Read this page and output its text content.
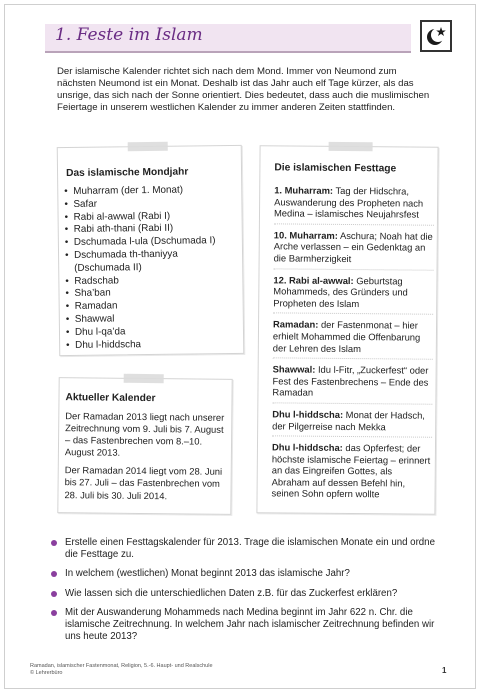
1. Feste im Islam
Der islamische Kalender richtet sich nach dem Mond. Immer von Neumond zum nächsten Neumond ist ein Monat. Deshalb ist das Jahr auch elf Tage kürzer, als das unsrige, das sich nach der Sonne orientiert. Dies bedeutet, dass auch die muslimischen Feiertage in unserem westlichen Kalender zu immer anderen Zeiten stattfinden.
Das islamische Mondjahr
• Muharram (der 1. Monat)
• Safar
• Rabi al-awwal (Rabi I)
• Rabi ath-thani (Rabi II)
• Dschumada l-ula (Dschumada I)
• Dschumada th-thaniyya
(Dschumada II)
• Radschab
• Sha’ban
• Ramadan
• Shawwal
• Dhu l-qa’da
• Dhu l-hiddscha
Aktueller Kalender

Der Ramadan 2013 liegt nach unserer Zeitrechnung vom 9. Juli bis 7. August – das Fastenbrechen vom 8.–10. August 2013.

Der Ramadan 2014 liegt vom 28. Juni bis 27. Juli – das Fastenbrechen vom 28. Juli bis 30. Juli 2014.

Die islamischen Festtage
1. Muharram: Tag der Hidschra, Auswanderung des Propheten nach Medina – islamisches Neujahrsfest
10. Muharram: Aschura; Noah hat die Arche verlassen – ein Gedenktag an die Barmherzigkeit
12. Rabi al-awwal: Geburtstag Mohammeds, des Gründers und Propheten des Islam
Ramadan: der Fastenmonat – hier erhielt Mohammed die Offenbarung der Lehren des Islam
Shawwal: Idu l-Fitr, „Zuckerfest“ oder Fest des Fastenbrechens – Ende des Ramadan
Dhu l-hiddscha: Monat der Hadsch, der Pilgerreise nach Mekka
Dhu l-hiddscha: das Opferfest; der höchste islamische Feiertag – erinnert an das Eingreifen Gottes, als Abraham auf dessen Befehl hin, seinen Sohn opfern wollte
Erstelle einen Festtagskalender für 2013. Trage die islamischen Monate ein und ordne die Festtage zu.
In welchem (westlichen) Monat beginnt 2013 das islamische Jahr?
Wie lassen sich die unterschiedlichen Daten z.B. für das Zuckerfest erklären?
Mit der Auswanderung Mohammeds nach Medina beginnt im Jahr 622 n. Chr. die islamische Zeitrechnung. In welchem Jahr nach islamischer Zeitrechnung befinden wir uns heute 2013?
Ramadan, islamischer Fastenmonat, Religion, 5.-6. Haupt- und Realschule
© Lehrerbüro	1
